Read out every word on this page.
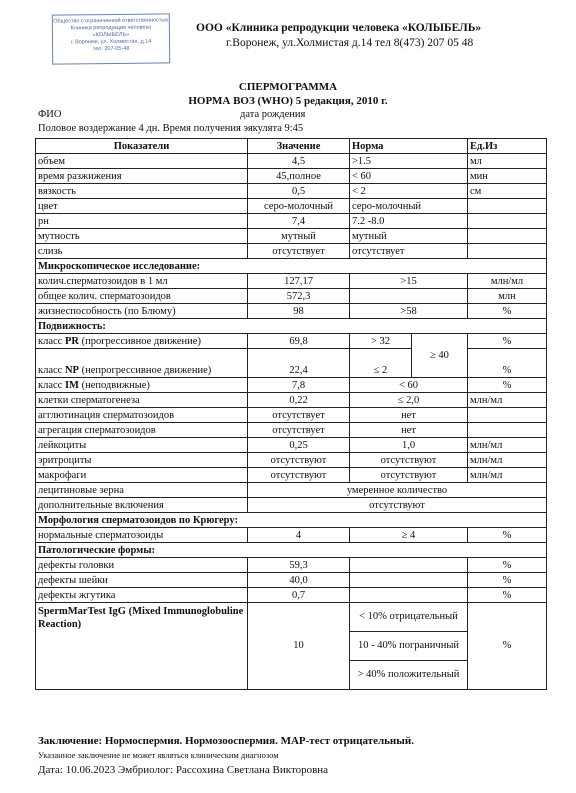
Общество с ограниченной ответственностью
Клиника репродукции человека
«КОЛЫБЕЛЬ»
г. Воронеж, ул. Холмистая, д.14
тел. 207-05-48
ООО «Клиника репродукции человека «КОЛЫБЕЛЬ»
г.Воронеж, ул.Холмистая д.14 тел 8(473) 207 05 48
СПЕРМОГРАММА
НОРМА ВОЗ (WHO) 5 редакция, 2010 г.
ФИО	дата рождения
Половое воздержание 4 дн. Время получения эякулята 9:45
Показатели	Значение	Норма		Ед.Из
объем	4,5	>1.5		мл
время разжижения	45,полное	< 60		мин
вязкость	0,5	< 2		см
цвет	серо-молочный	серо-молочный		
рн	7,4	7.2 -8.0		
мутность	мутный	мутный		
слизь	отсутствует	отсутствует		
Микроскопическое исследование:				
колич.сперматозоидов в 1 мл	127,17	>15		млн/мл
общее колич. сперматозоидов	572,3			млн
жизнеспособность (по Блюму)	98	>58		%
Подвижность:				
класс PR (прогрессивное движение)	69,8	> 32	≥ 40	%
класс NP (непрогрессивное движение)	22,4	≤ 2		%
класс IM (неподвижные)	7,8	< 60		%
клетки сперматогенеза	0,22	≤ 2,0		млн/мл
агглютинация сперматозоидов	отсутствует	нет		
агрегация сперматозоидов	отсутствует	нет		
лейкоциты	0,25	1,0		млн/мл
эритроциты	отсутствуют	отсутствуют		млн/мл
макрофаги	отсутствуют	отсутствуют		млн/мл
лецитиновые зерна	умеренное количество			
дополнительные включения	отсутствуют			
Морфология сперматозоидов по Крюгеру:				
нормальные сперматозоиды	4	≥ 4		%
Патологические формы:				
дефекты головки	59,3			%
дефекты шейки	40,0			%
дефекты жгутика	0,7			%
SpermMarTest IgG (Mixed Immunoglobuline Reaction)	10	< 10% отрицательный		%
		10 - 40% пограничный		
		> 40% положительный		
Заключение: Нормоспермия. Нормозооспермия. МАР-тест отрицательный.
Указанное заключение не может являться клиническим диагнозом
Дата: 10.06.2023 Эмбриолог: Рассохина Светлана Викторовна
